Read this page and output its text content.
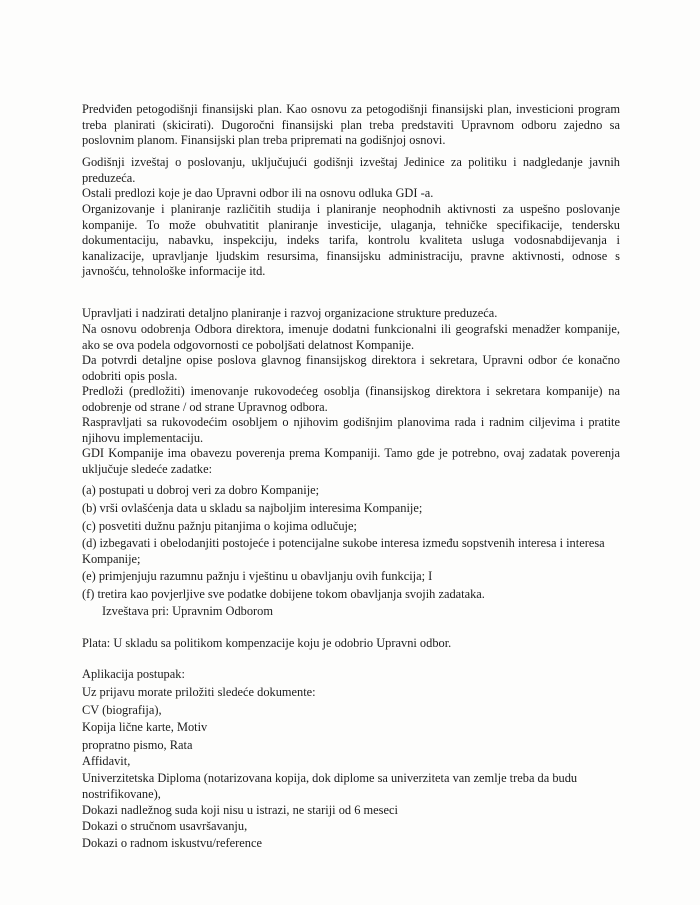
Predviđen petogodišnji finansijski plan. Kao osnovu za petogodišnji finansijski plan, investicioni program treba planirati (skicirati). Dugoročni finansijski plan treba predstaviti Upravnom odboru zajedno sa poslovnim planom. Finansijski plan treba pripremati na godišnjoj osnovi.

Godišnji izveštaj o poslovanju, uključujući godišnji izveštaj Jedinice za politiku i nadgledanje javnih preduzeća.

Ostali predlozi koje je dao Upravni odbor ili na osnovu odluka GDI -a.

Organizovanje i planiranje različitih studija i planiranje neophodnih aktivnosti za uspešno poslovanje kompanije. To može obuhvatitit planiranje investicije, ulaganja, tehničke specifikacije, tendersku dokumentaciju, nabavku, inspekciju, indeks tarifa, kontrolu kvaliteta usluga vodosnabdijevanja i kanalizacije, upravljanje ljudskim resursima, finansijsku administraciju, pravne aktivnosti, odnose s javnošću, tehnološke informacije itd.

Upravljati i nadzirati detaljno planiranje i razvoj organizacione strukture preduzeća.

Na osnovu odobrenja Odbora direktora, imenuje dodatni funkcionalni ili geografski menadžer kompanije, ako se ova podela odgovornosti ce poboljšati delatnost Kompanije.

Da potvrdi detaljne opise poslova glavnog finansijskog direktora i sekretara, Upravni odbor će konačno odobriti opis posla.

Predloži (predložiti) imenovanje rukovodećeg osoblja (finansijskog direktora i sekretara kompanije) na odobrenje od strane / od strane Upravnog odbora.

Raspravljati sa rukovodećim osobljem o njihovim godišnjim planovima rada i radnim ciljevima i pratite njihovu implementaciju.

GDI Kompanije ima obavezu poverenja prema Kompaniji. Tamo gde je potrebno, ovaj zadatak poverenja uključuje sledeće zadatke:

(a) postupati u dobroj veri za dobro Kompanije;

(b) vrši ovlašćenja data u skladu sa najboljim interesima Kompanije;

(c) posvetiti dužnu pažnju pitanjima o kojima odlučuje;

(d) izbegavati i obelodanjiti postojeće i potencijalne sukobe interesa između sopstvenih interesa i interesa Kompanije;

(e) primjenjuju razumnu pažnju i vještinu u obavljanju ovih funkcija; I

(f) tretira kao povjerljive sve podatke dobijene tokom obavljanja svojih zadataka.

Izveštava pri: Upravnim Odborom

Plata: U skladu sa politikom kompenzacije koju je odobrio Upravni odbor.

Aplikacija postupak:

Uz prijavu morate priložiti sledeće dokumente:

CV (biografija),

Kopija lične karte, Motiv

propratno pismo, Rata

Affidavit,

Univerzitetska Diploma (notarizovana kopija, dok diplome sa univerziteta van zemlje treba da budu nostrifikovane),

Dokazi nadležnog suda koji nisu u istrazi, ne stariji od 6 meseci

Dokazi o stručnom usavršavanju,

Dokazi o radnom iskustvu/reference
